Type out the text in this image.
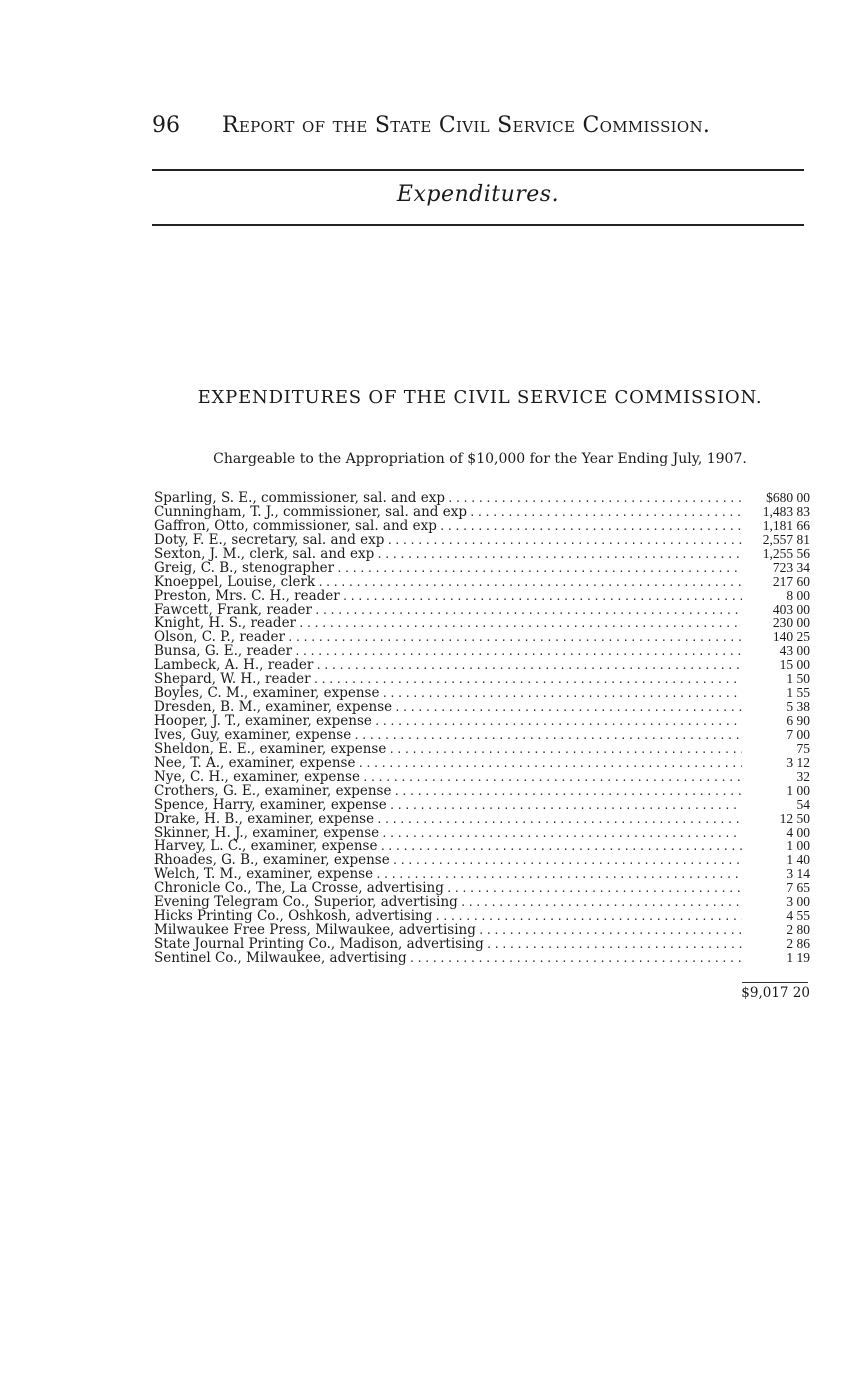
96 Report of the State Civil Service Commission.
Expenditures.
EXPENDITURES OF THE CIVIL SERVICE COMMISSION.
Chargeable to the Appropriation of $10,000 for the Year Ending July, 1907.
Sparling, S. E., commissioner, sal. and exp .....	$680 00
Cunningham, T. J., commissioner, sal. and exp .....	1,483 83
Gaffron, Otto, commissioner, sal. and exp .....	1,181 66
Doty, F. E., secretary, sal. and exp .....	2,557 81
Sexton, J. M., clerk, sal. and exp .....	1,255 56
Greig, C. B., stenographer .....	723 34
Knoeppel, Louise, clerk .....	217 60
Preston, Mrs. C. H., reader .....	8 00
Fawcett, Frank, reader .....	403 00
Knight, H. S., reader .....	230 00
Olson, C. P., reader .....	140 25
Bunsa, G. E., reader .....	43 00
Lambeck, A. H., reader .....	15 00
Shepard, W. H., reader .....	1 50
Boyles, C. M., examiner, expense .....	1 55
Dresden, B. M., examiner, expense .....	5 38
Hooper, J. T., examiner, expense .....	6 90
Ives, Guy, examiner, expense .....	7 00
Sheldon, E. E., examiner, expense .....	75
Nee, T. A., examiner, expense .....	3 12
Nye, C. H., examiner, expense .....	32
Crothers, G. E., examiner, expense .....	1 00
Spence, Harry, examiner, expense .....	54
Drake, H. B., examiner, expense .....	12 50
Skinner, H. J., examiner, expense .....	4 00
Harvey, L. C., examiner, expense .....	1 00
Rhoades, G. B., examiner, expense .....	1 40
Welch, T. M., examiner, expense .....	3 14
Chronicle Co., The, La Crosse, advertising .....	7 65
Evening Telegram Co., Superior, advertising .....	3 00
Hicks Printing Co., Oshkosh, advertising .....	4 55
Milwaukee Free Press, Milwaukee, advertising .....	2 80
State Journal Printing Co., Madison, advertising .....	2 86
Sentinel Co., Milwaukee, advertising .....	1 19
$9,017 20
